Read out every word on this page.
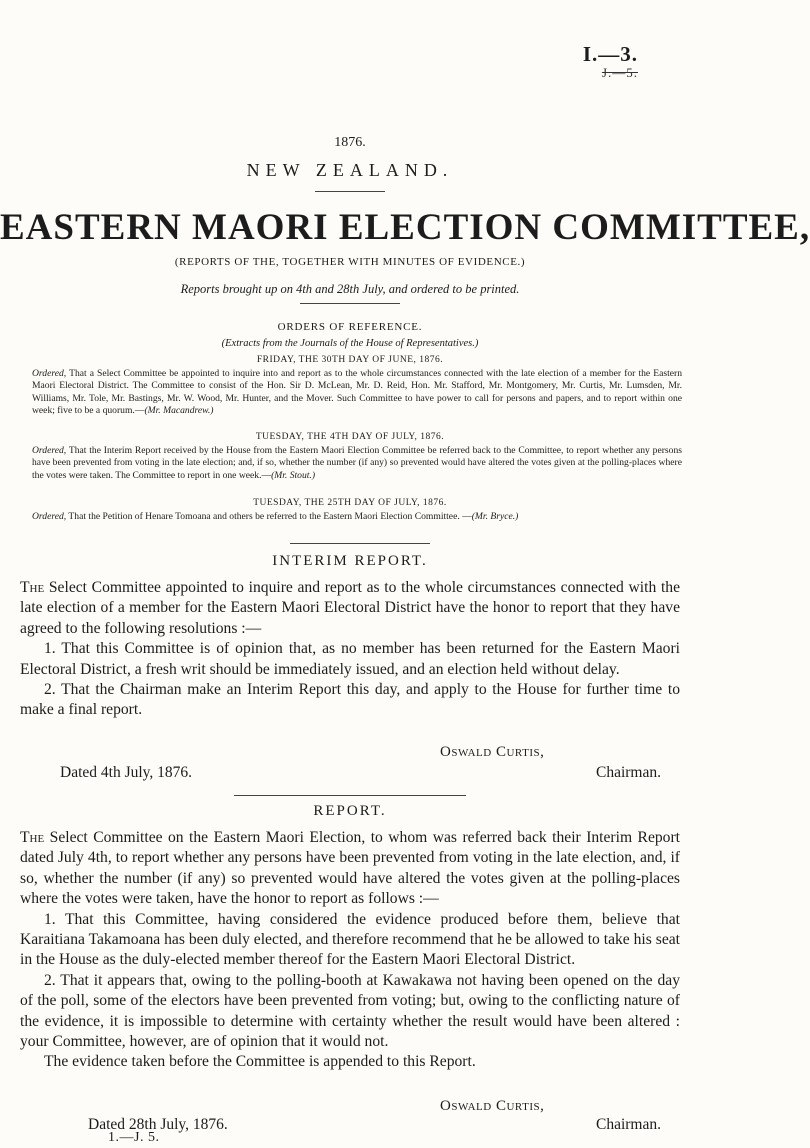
I.—3.
J.—5.
1876.
NEW ZEALAND.
EASTERN MAORI ELECTION COMMITTEE,
(REPORTS OF THE, TOGETHER WITH MINUTES OF EVIDENCE.)
Reports brought up on 4th and 28th July, and ordered to be printed.
ORDERS OF REFERENCE.
(Extracts from the Journals of the House of Representatives.)
FRIDAY, THE 30TH DAY OF JUNE, 1876.
Ordered, That a Select Committee be appointed to inquire into and report as to the whole circumstances connected with the late election of a member for the Eastern Maori Electoral District. The Committee to consist of the Hon. Sir D. McLean, Mr. D. Reid, Hon. Mr. Stafford, Mr. Montgomery, Mr. Curtis, Mr. Lumsden, Mr. Williams, Mr. Tole, Mr. Bastings, Mr. W. Wood, Mr. Hunter, and the Mover. Such Committee to have power to call for persons and papers, and to report within one week; five to be a quorum.—(Mr. Macandrew.)
TUESDAY, THE 4TH DAY OF JULY, 1876.
Ordered, That the Interim Report received by the House from the Eastern Maori Election Committee be referred back to the Committee, to report whether any persons have been prevented from voting in the late election; and, if so, whether the number (if any) so prevented would have altered the votes given at the polling-places where the votes were taken. The Committee to report in one week.—(Mr. Stout.)
TUESDAY, THE 25TH DAY OF JULY, 1876.
Ordered, That the Petition of Henare Tomoana and others be referred to the Eastern Maori Election Committee. —(Mr. Bryce.)
INTERIM REPORT.

The Select Committee appointed to inquire and report as to the whole circumstances connected with the late election of a member for the Eastern Maori Electoral District have the honor to report that they have agreed to the following resolutions :—

1. That this Committee is of opinion that, as no member has been returned for the Eastern Maori Electoral District, a fresh writ should be immediately issued, and an election held without delay.

2. That the Chairman make an Interim Report this day, and apply to the House for further time to make a final report.

Oswald Curtis,
Dated 4th July, 1876.	Chairman.
REPORT.

The Select Committee on the Eastern Maori Election, to whom was referred back their Interim Report dated July 4th, to report whether any persons have been prevented from voting in the late election, and, if so, whether the number (if any) so prevented would have altered the votes given at the polling-places where the votes were taken, have the honor to report as follows :—

1. That this Committee, having considered the evidence produced before them, believe that Karaitiana Takamoana has been duly elected, and therefore recommend that he be allowed to take his seat in the House as the duly-elected member thereof for the Eastern Maori Electoral District.

2. That it appears that, owing to the polling-booth at Kawakawa not having been opened on the day of the poll, some of the electors have been prevented from voting; but, owing to the conflicting nature of the evidence, it is impossible to determine with certainty whether the result would have been altered : your Committee, however, are of opinion that it would not.

The evidence taken before the Committee is appended to this Report.

Oswald Curtis,
Dated 28th July, 1876.	Chairman.
1.—J. 5.
